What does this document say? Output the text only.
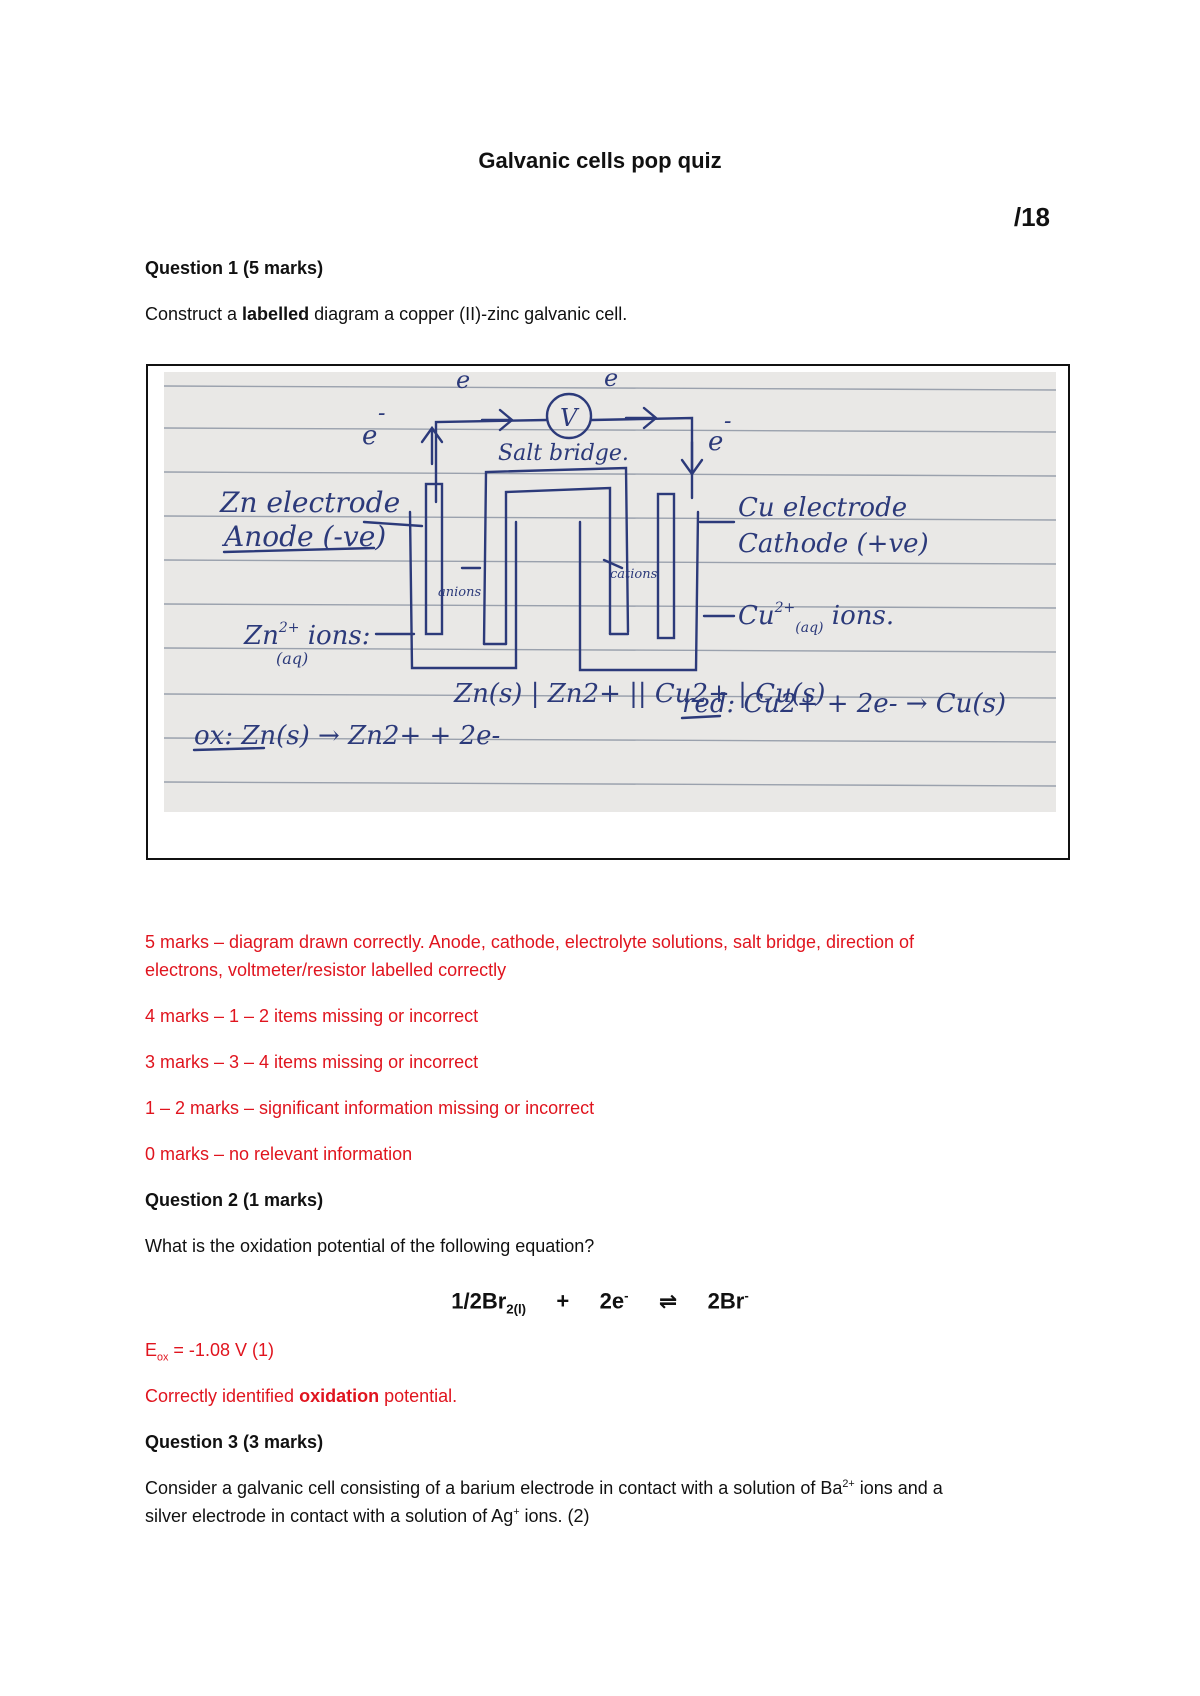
Galvanic cells pop quiz
/18
Question 1 (5 marks)
Construct a labelled diagram a copper (II)-zinc galvanic cell.
e	e
V
e
-
e
-
Salt bridge.
Zn electrode
Anode (-ve)
Cu electrode
Cathode (+ve)
anions
cations
$Zn^{2+}$ ions:
(aq)
$Cu^{2+}_{(aq)}$ ions.
Zn(s) | Zn2+ || Cu2+ | Cu(s)
ox: Zn(s) → Zn2+ + 2e-
red: Cu2+ + 2e- → Cu(s)
5 marks – diagram drawn correctly. Anode, cathode, electrolyte solutions, salt bridge, direction of
electrons, voltmeter/resistor labelled correctly
4 marks – 1 – 2 items missing or incorrect
3 marks – 3 – 4 items missing or incorrect
1 – 2 marks – significant information missing or incorrect
0 marks – no relevant information
Question 2 (1 marks)
What is the oxidation potential of the following equation?
$1/2Br_{2(l)} + 2e^-$ ⇌ 2Br-
$E_{ox} = -1.08$ V (1)
Correctly identified oxidation potential.
Question 3 (3 marks)
Consider a galvanic cell consisting of a barium electrode in contact with a solution of $Ba^{2+}$ ions and a
silver electrode in contact with a solution of Ag+ ions. (2)
